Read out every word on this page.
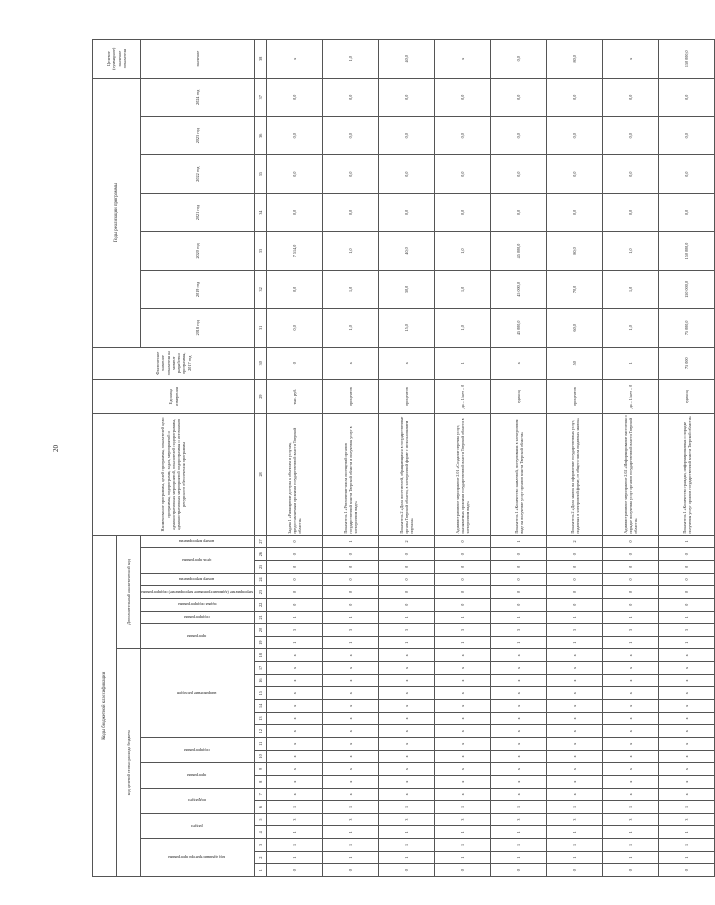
20
Коды бюджетной классификации																											Наименование программы, целей программы, показателей цели программы, подпрограмм, задач, мероприятий и административных мероприятий, показателей подпрограммы, административных мероприятий подпрограммы и источников ресурсного обеспечения программы	Единица измерения	Фактическое значение показателя на момент разработки программы, 2017 год	Годы реализации программы							Целевое (суммарное) значение показателя
код целевой статьи расхода бюджета																		Дополнительный аналитический код																			
код администратора программы			раздел		подраздел		программа		подпрограмма		направление расходов							программа		подпрограмма	задача подпрограммы	мероприятие (административное мероприятие) подпрограммы	номер мероприятия	цель программы		номер мероприятия				2018 год	2019 год	2020 год	2021 год	2022 год	2023 год	2024 год	значение
1	2	3	4	5	6	7	8	9	10	11	12	13	14	15	16	17	18	19	20	21	22	23	24	25	26	27	28	29	30	31	32	33	34	35	36	37	38
0	1	1	1	3	1	х	х	х	х	х	х	х	х	х	х	х	х	1	3	1	0	0	0	0	0	0	Задача 1 «Расширение доступа к объектам и услугам, предоставляемым органами государственной власти Тверской области»	тыс. руб.	0	0,0	0,0	7 514,0	0,0	0,0	0,0	0,0	х
0	1	1	1	3	1	х	х	х	х	х	х	х	х	х	х	х	х	1	3	1	0	0	0	0	0	1	Показатель 1 «Увеличение числа посещений органов государственной власти Тверской области и получения услуг в электронном виде»	процентов	х	1,0	1,0	1,0	0,0	0,0	0,0	0,0	1,0
0	1	1	1	3	1	х	х	х	х	х	х	х	х	х	х	х	х	1	3	1	0	0	0	0	0	2	Показатель 2 «Доля посетителей, обращающихся в государственные органы Тверской области, в электронной форме с использованием портала»	процентов	х	15,0	30,0	40,0	0,0	0,0	0,0	0,0	40,0
0	1	1	1	3	1	х	х	х	х	х	х	х	х	х	х	х	х	1	3	1	0	0	0	0	0	0	Административное мероприятие 2.01 «Создание перечня услуг, оказываемых органами государственной власти Тверской области в электронном виде»	да – 1/нет – 0	1	1,0	1,0	1,0	0,0	0,0	0,0	0,0	х
0	1	1	1	3	1	х	х	х	х	х	х	х	х	х	х	х	х	1	3	1	0	0	0	0	0	1	Показатель 1 «Количество заявлений, поступивших в электронном виде на получение услуг органов власти Тверской области»	единиц	х	45 000,0	45 000,0	45 000,0	0,0	0,0	0,0	0,0	0,0
0	1	1	1	3	1	х	х	х	х	х	х	х	х	х	х	х	х	1	3	1	0	0	0	0	0	2	Показатель 2 «Доля заявок на оформление государственных услуг, поданных в электронной форме, от общего числа поданных заявок»	процентов	50	60,0	70,0	80,0	0,0	0,0	0,0	0,0	80,0
0	1	1	1	3	1	х	х	х	х	х	х	х	х	х	х	х	х	1	3	1	0	0	0	0	0	0	Административное мероприятие 2.02 «Информирование населения о порядке получения услуг органов государственной власти Тверской области»	да – 1/нет – 0	1	1,0	1,0	1,0	0,0	0,0	0,0	0,0	х
0	1	1	1	3	1	х	х	х	х	х	х	х	х	х	х	х	х	1	3	1	0	0	0	0	0	1	Показатель 1 «Количество граждан, информированных о порядке получения услуг органов государственной власти Тверской области»	единиц	75 000	75 000,0	150 000,0	150 000,0	0,0	0,0	0,0	0,0	150 000,0
